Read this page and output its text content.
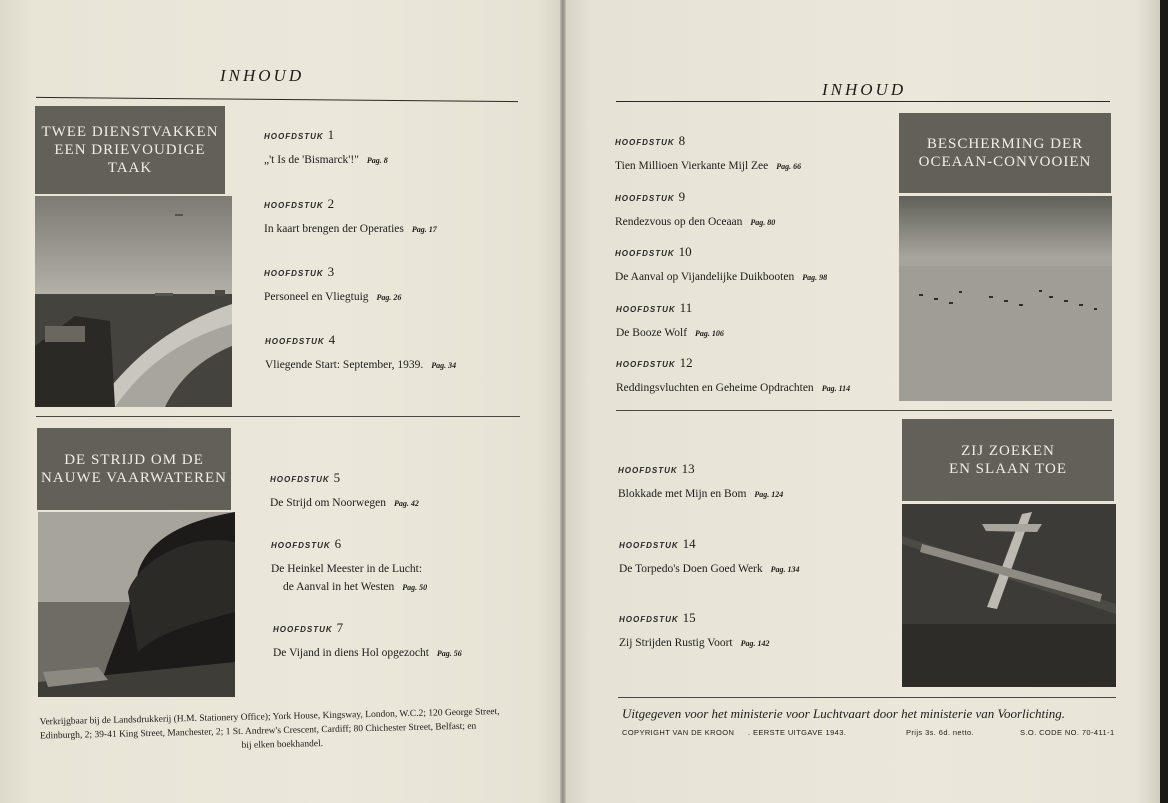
INHOUD
TWEE DIENSTVAKKEN
EEN DRIEVOUDIGE TAAK
HOOFDSTUK 1
„'t Is de 'Bismarck'!" Pag. 8
HOOFDSTUK 2
In kaart brengen der Operaties Pag. 17
HOOFDSTUK 3
Personeel en Vliegtuig Pag. 26
HOOFDSTUK 4
Vliegende Start: September, 1939. Pag. 34
DE STRIJD OM DE
NAUWE VAARWATEREN	HOOFDSTUK 5
De Strijd om Noorwegen Pag. 42
HOOFDSTUK 6
De Heinkel Meester in de Lucht:
de Aanval in het Westen Pag. 50
HOOFDSTUK 7
De Vijand in diens Hol opgezocht Pag. 56
Verkrijgbaar bij de Landsdrukkerij (H.M. Stationery Office); York House, Kingsway, London, W.C.2; 120 George Street,
Edinburgh, 2; 39-41 King Street, Manchester, 2; 1 St. Andrew's Crescent, Cardiff; 80 Chichester Street, Belfast; en
bij elken boekhandel.
INHOUD
HOOFDSTUK 8
Tien Millioen Vierkante Mijl Zee Pag. 66
HOOFDSTUK 9
Rendezvous op den Oceaan Pag. 80
HOOFDSTUK 10
De Aanval op Vijandelijke Duikbooten Pag. 98
HOOFDSTUK 11
De Booze Wolf Pag. 106
HOOFDSTUK 12
Reddingsvluchten en Geheime Opdrachten Pag. 114
BESCHERMING DER
OCEAAN-CONVOOIEN
HOOFDSTUK 13
Blokkade met Mijn en Bom Pag. 124
HOOFDSTUK 14
De Torpedo's Doen Goed Werk Pag. 134
HOOFDSTUK 15
Zij Strijden Rustig Voort Pag. 142
ZIJ ZOEKEN
EN SLAAN TOE
Uitgegeven voor het ministerie voor Luchtvaart door het ministerie van Voorlichting.
COPYRIGHT VAN DE KROON . EERSTE UITGAVE 1943.	Prijs 3s. 6d. netto.	S.O. CODE NO. 70-411-1
